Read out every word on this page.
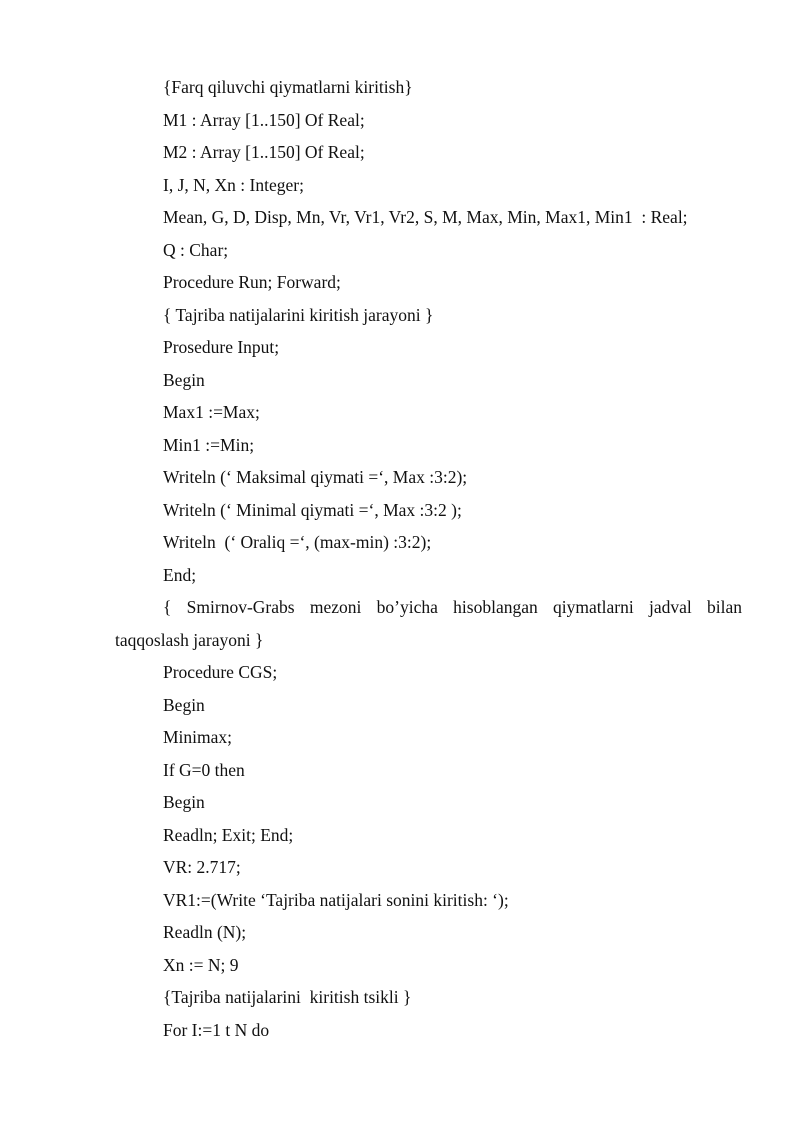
{Farq qiluvchi qiymatlarni kiritish}
M1 : Array [1..150] Of Real;
M2 : Array [1..150] Of Real;
I, J, N, Xn : Integer;
Mean, G, D, Disp, Mn, Vr, Vr1, Vr2, S, M, Max, Min, Max1, Min1  : Real;
Q : Char;
Procedure Run; Forward;
{ Tajriba natijalarini kiritish jarayoni }
Prosedure Input;
Begin
Max1 :=Max;
Min1 :=Min;
Writeln (‘ Maksimal qiymati =‘, Max :3:2);
Writeln (‘ Minimal qiymati =‘, Max :3:2 );
Writeln  (‘ Oraliq =‘, (max-min) :3:2);
End;
{ Smirnov-Grabs mezoni bo’yicha hisoblangan qiymatlarni jadval bilan
taqqoslash jarayoni }
Procedure CGS;
Begin
Minimax;
If G=0 then
Begin
Readln; Exit; End;
VR: 2.717;
VR1:=(Write ‘Tajriba natijalari sonini kiritish: ‘);
Readln (N);
Xn := N; 9
{Tajriba natijalarini  kiritish tsikli }
For I:=1 t N do
